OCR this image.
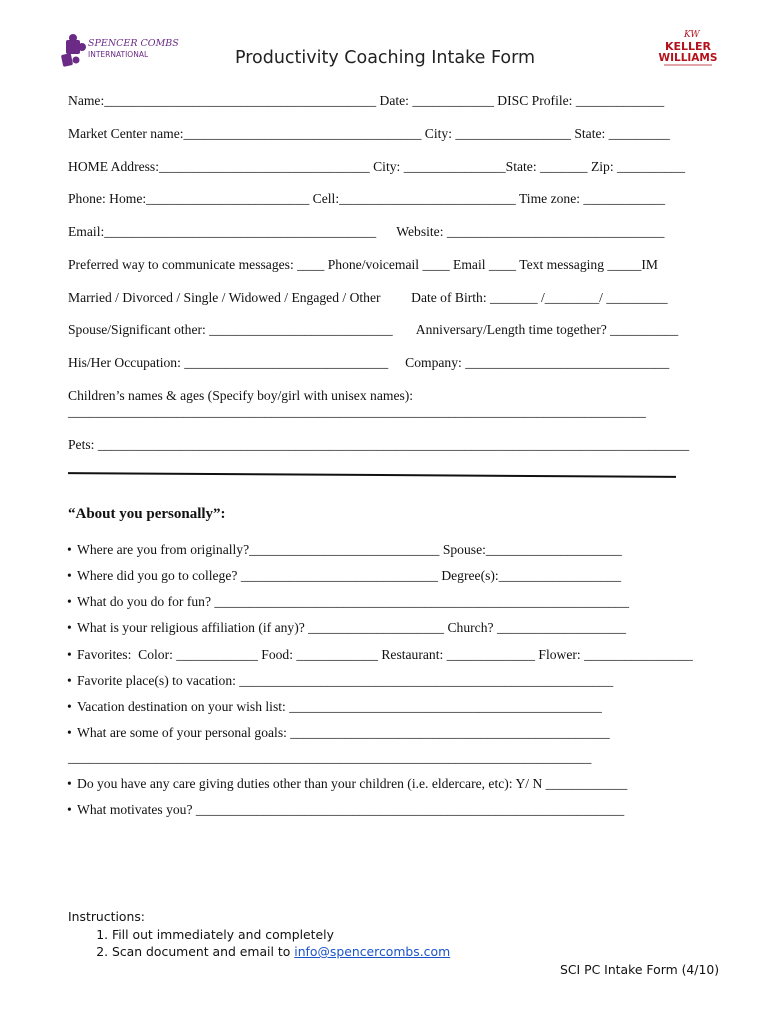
SPENCER COMBS
INTERNATIONAL
KW
KELLER
WILLIAMS
Productivity Coaching Intake Form
Name:________________________________________ Date: ____________ DISC Profile: _____________
Market Center name:___________________________________ City: _________________ State: _________
HOME Address:_______________________________ City: _______________State: _______ Zip: __________
Phone: Home:________________________ Cell:__________________________ Time zone: ____________
Email:________________________________________      Website: ________________________________
Preferred way to communicate messages: ____ Phone/voicemail ____ Email ____ Text messaging _____IM
Married / Divorced / Single / Widowed / Engaged / Other         Date of Birth: _______ /________/ _________
Spouse/Significant other: ___________________________       Anniversary/Length time together? __________
His/Her Occupation: ______________________________     Company: ______________________________
Children’s names & ages (Specify boy/girl with unisex names):
_____________________________________________________________________________________
Pets: _______________________________________________________________________________________
“About you personally”:
• Where are you from originally?____________________________ Spouse:____________________
• Where did you go to college? _____________________________ Degree(s):__________________
• What do you do for fun? _____________________________________________________________
• What is your religious affiliation (if any)? ____________________ Church? ___________________
• Favorites:  Color: ____________ Food: ____________ Restaurant: _____________ Flower: ________________
• Favorite place(s) to vacation: _______________________________________________________
• Vacation destination on your wish list: ______________________________________________
• What are some of your personal goals: _______________________________________________
_____________________________________________________________________________
• Do you have any care giving duties other than your children (i.e. eldercare, etc): Y/ N ____________
• What motivates you? _______________________________________________________________
Instructions:
1. Fill out immediately and completely
2. Scan document and email to info@spencercombs.com
SCI PC Intake Form (4/10)
